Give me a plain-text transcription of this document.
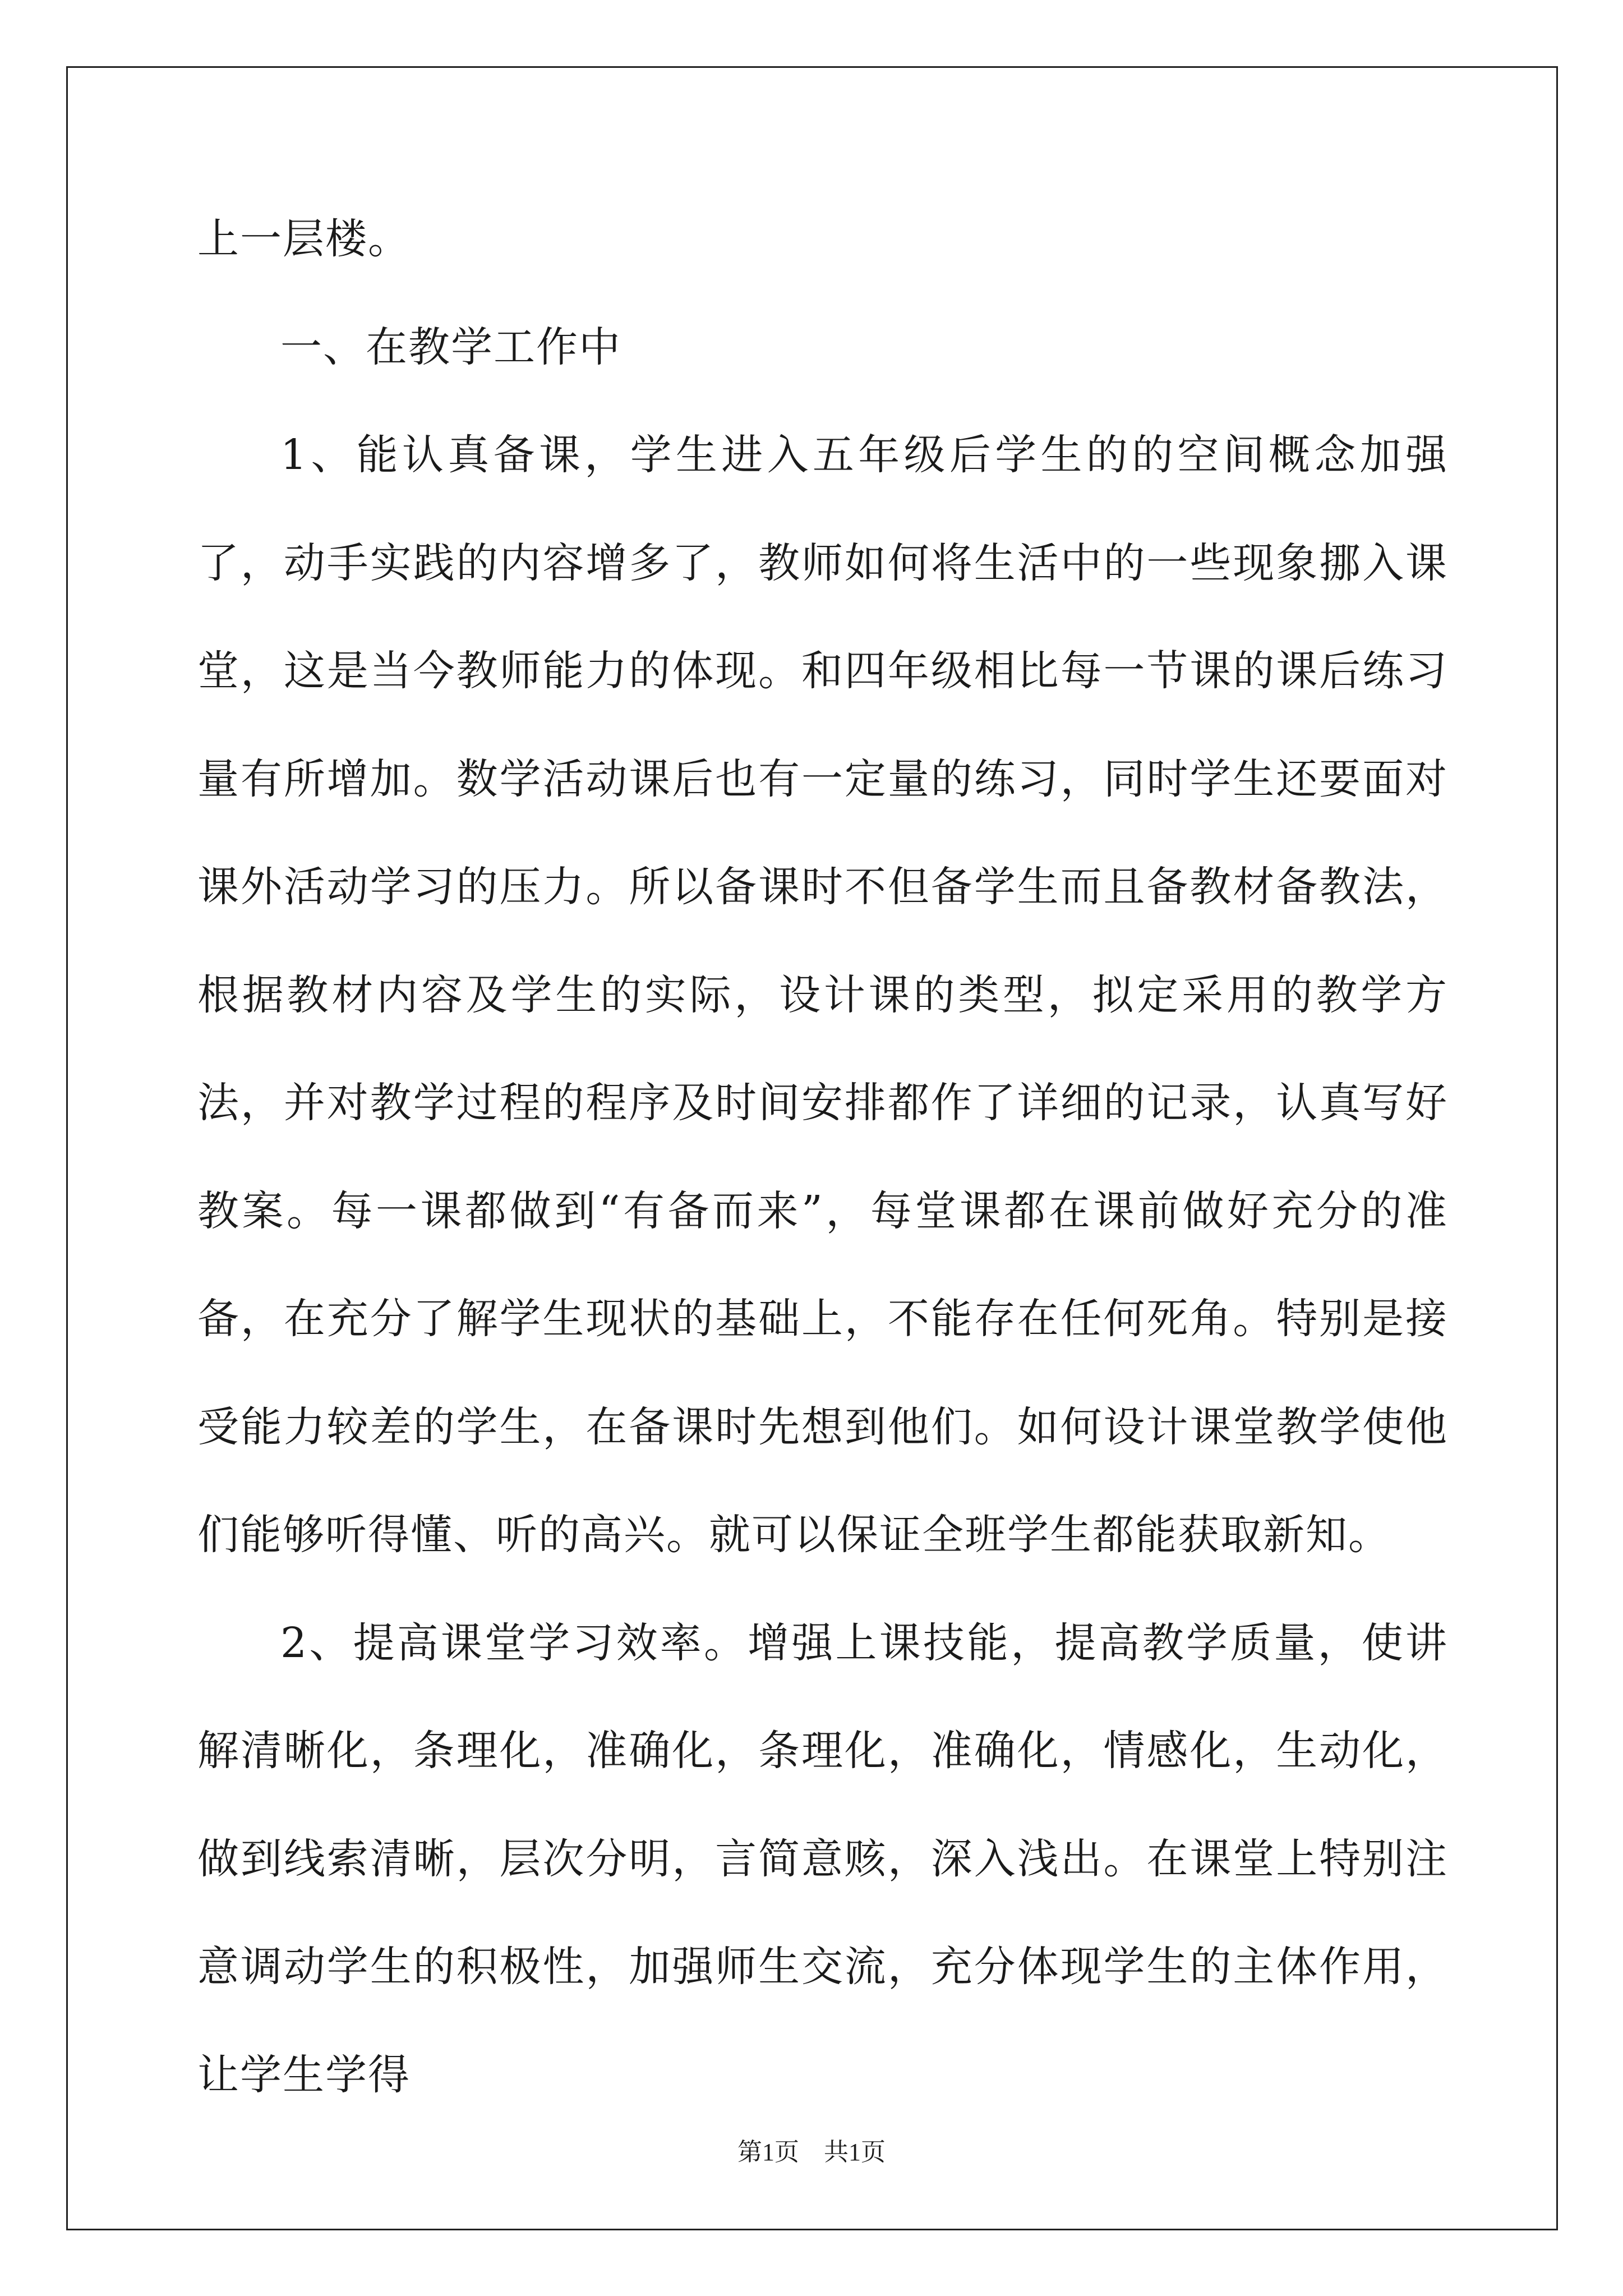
上一层楼。

一、在教学工作中

1、能认真备课，学生进入五年级后学生的的空间概念加强了，动手实践的内容增多了，教师如何将生活中的一些现象挪入课堂，这是当今教师能力的体现。和四年级相比每一节课的课后练习量有所增加。数学活动课后也有一定量的练习，同时学生还要面对课外活动学习的压力。所以备课时不但备学生而且备教材备教法，根据教材内容及学生的实际，设计课的类型，拟定采用的教学方法，并对教学过程的程序及时间安排都作了详细的记录，认真写好教案。每一课都做到“有备而来”，每堂课都在课前做好充分的准备，在充分了解学生现状的基础上，不能存在任何死角。特别是接受能力较差的学生，在备课时先想到他们。如何设计课堂教学使他们能够听得懂、听的高兴。就可以保证全班学生都能获取新知。

2、提高课堂学习效率。增强上课技能，提高教学质量，使讲解清晰化，条理化，准确化，条理化，准确化，情感化，生动化，做到线索清晰，层次分明，言简意赅，深入浅出。在课堂上特别注意调动学生的积极性，加强师生交流，充分体现学生的主体作用，让学生学得

第1页　共1页
